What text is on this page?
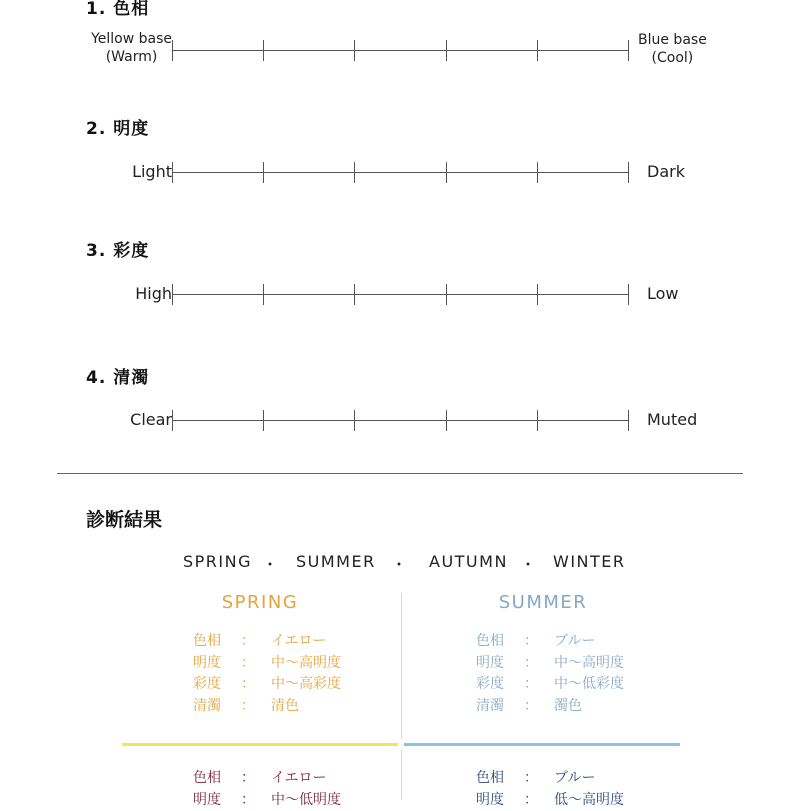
1. 色相
Yellow base
(Warm)
Blue base
(Cool)
2. 明度
Light	Dark
3. 彩度
High	Low
4. 清濁
Clear	Muted
診断結果
SPRING ・ SUMMER ・ AUTUMN ・ WINTER
SPRING
色相 ： イエロー
明度 ： 中〜高明度
彩度 ： 中〜高彩度
清濁 ： 清色
SUMMER
色相 ： ブルー
明度 ： 中〜高明度
彩度 ： 中〜低彩度
清濁 ： 濁色
色相 ： イエロー
明度 ： 中〜低明度
色相 ： ブルー
明度 ： 低〜高明度
